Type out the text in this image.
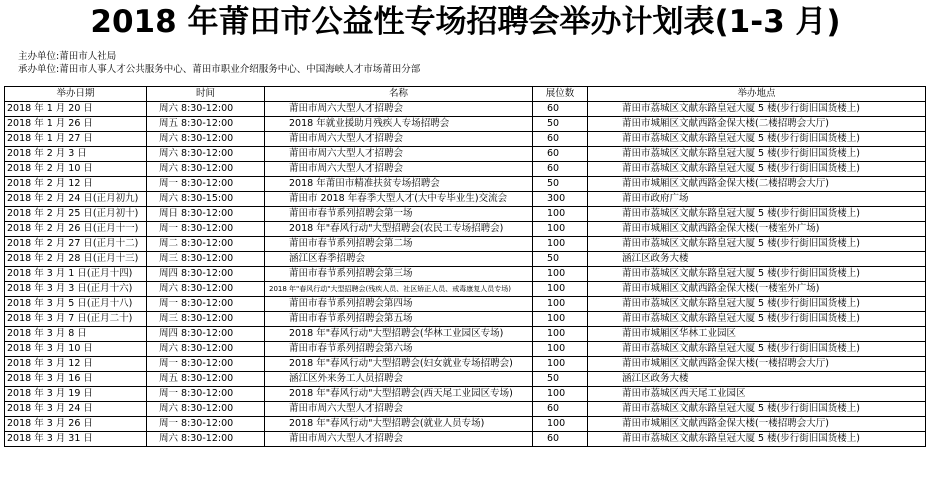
2018 年莆田市公益性专场招聘会举办计划表(1-3 月)
主办单位:莆田市人社局
承办单位:莆田市人事人才公共服务中心、莆田市职业介绍服务中心、中国海峡人才市场莆田分部
举办日期	时间	名称	展位数	举办地点
2018 年 1 月 20 日	周六 8:30-12:00	莆田市周六大型人才招聘会	60	莆田市荔城区文献东路皇冠大厦 5 楼(步行街旧国货楼上)
2018 年 1 月 26 日	周五 8:30-12:00	2018 年就业援助月残疾人专场招聘会	50	莆田市城厢区文献西路金保大楼(二楼招聘会大厅)
2018 年 1 月 27 日	周六 8:30-12:00	莆田市周六大型人才招聘会	60	莆田市荔城区文献东路皇冠大厦 5 楼(步行街旧国货楼上)
2018 年 2 月 3 日	周六 8:30-12:00	莆田市周六大型人才招聘会	60	莆田市荔城区文献东路皇冠大厦 5 楼(步行街旧国货楼上)
2018 年 2 月 10 日	周六 8:30-12:00	莆田市周六大型人才招聘会	60	莆田市荔城区文献东路皇冠大厦 5 楼(步行街旧国货楼上)
2018 年 2 月 12 日	周一 8:30-12:00	2018 年莆田市精准扶贫专场招聘会	50	莆田市城厢区文献西路金保大楼(二楼招聘会大厅)
2018 年 2 月 24 日(正月初九)	周六 8:30-15:00	莆田市 2018 年春季大型人才(大中专毕业生)交流会	300	莆田市政府广场
2018 年 2 月 25 日(正月初十)	周日 8:30-12:00	莆田市春节系列招聘会第一场	100	莆田市荔城区文献东路皇冠大厦 5 楼(步行街旧国货楼上)
2018 年 2 月 26 日(正月十一)	周一 8:30-12:00	2018 年"春风行动"大型招聘会(农民工专场招聘会)	100	莆田市城厢区文献西路金保大楼(一楼室外广场)
2018 年 2 月 27 日(正月十二)	周二 8:30-12:00	莆田市春节系列招聘会第二场	100	莆田市荔城区文献东路皇冠大厦 5 楼(步行街旧国货楼上)
2018 年 2 月 28 日(正月十三)	周三 8:30-12:00	涵江区春季招聘会	50	涵江区政务大楼
2018 年 3 月 1 日(正月十四)	周四 8:30-12:00	莆田市春节系列招聘会第三场	100	莆田市荔城区文献东路皇冠大厦 5 楼(步行街旧国货楼上)
2018 年 3 月 3 日(正月十六)	周六 8:30-12:00	2018 年"春风行动"大型招聘会(残疾人员、社区矫正人员、戒毒康复人员专场)	100	莆田市城厢区文献西路金保大楼(一楼室外广场)
2018 年 3 月 5 日(正月十八)	周一 8:30-12:00	莆田市春节系列招聘会第四场	100	莆田市荔城区文献东路皇冠大厦 5 楼(步行街旧国货楼上)
2018 年 3 月 7 日(正月二十)	周三 8:30-12:00	莆田市春节系列招聘会第五场	100	莆田市荔城区文献东路皇冠大厦 5 楼(步行街旧国货楼上)
2018 年 3 月 8 日	周四 8:30-12:00	2018 年"春风行动"大型招聘会(华林工业园区专场)	100	莆田市城厢区华林工业园区
2018 年 3 月 10 日	周六 8:30-12:00	莆田市春节系列招聘会第六场	100	莆田市荔城区文献东路皇冠大厦 5 楼(步行街旧国货楼上)
2018 年 3 月 12 日	周一 8:30-12:00	2018 年"春风行动"大型招聘会(妇女就业专场招聘会)	100	莆田市城厢区文献西路金保大楼(一楼招聘会大厅)
2018 年 3 月 16 日	周五 8:30-12:00	涵江区外来务工人员招聘会	50	涵江区政务大楼
2018 年 3 月 19 日	周一 8:30-12:00	2018 年"春风行动"大型招聘会(西天尾工业园区专场)	100	莆田市荔城区西天尾工业园区
2018 年 3 月 24 日	周六 8:30-12:00	莆田市周六大型人才招聘会	60	莆田市荔城区文献东路皇冠大厦 5 楼(步行街旧国货楼上)
2018 年 3 月 26 日	周一 8:30-12:00	2018 年"春风行动"大型招聘会(就业人员专场)	100	莆田市城厢区文献西路金保大楼(一楼招聘会大厅)
2018 年 3 月 31 日	周六 8:30-12:00	莆田市周六大型人才招聘会	60	莆田市荔城区文献东路皇冠大厦 5 楼(步行街旧国货楼上)
